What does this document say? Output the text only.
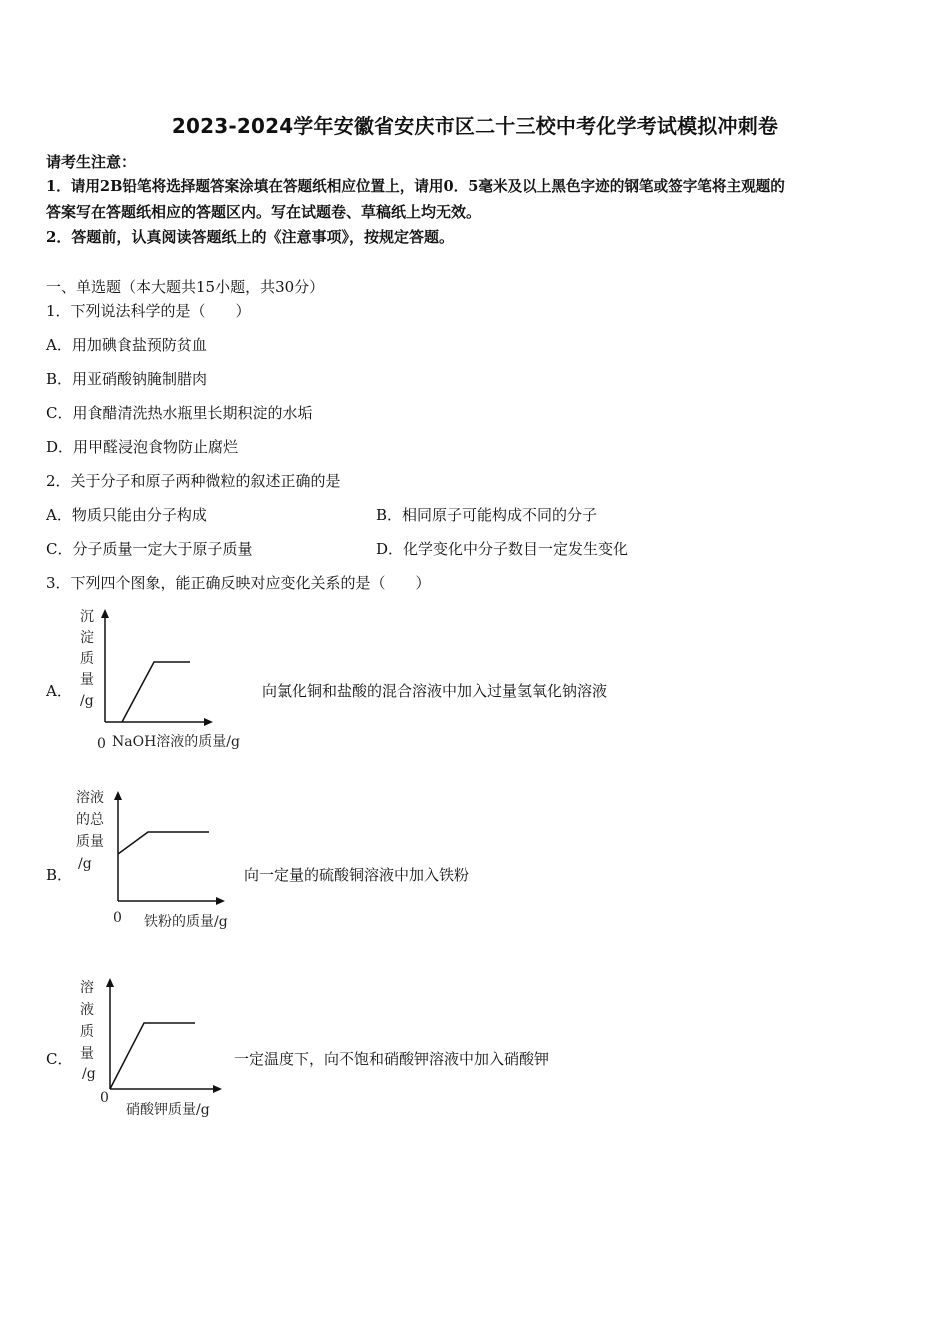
2023-2024学年安徽省安庆市区二十三校中考化学考试模拟冲刺卷
请考生注意：
1．请用2B铅笔将选择题答案涂填在答题纸相应位置上，请用0．5毫米及以上黑色字迹的钢笔或签字笔将主观题的
答案写在答题纸相应的答题区内。写在试题卷、草稿纸上均无效。
2．答题前，认真阅读答题纸上的《注意事项》，按规定答题。
一、单选题（本大题共15小题，共30分）
1．下列说法科学的是（　　）
A．用加碘食盐预防贫血
B．用亚硝酸钠腌制腊肉
C．用食醋清洗热水瓶里长期积淀的水垢
D．用甲醛浸泡食物防止腐烂
2．关于分子和原子两种微粒的叙述正确的是
A．物质只能由分子构成	B．相同原子可能构成不同的分子
C．分子质量一定大于原子质量	D．化学变化中分子数目一定发生变化
3．下列四个图象，能正确反映对应变化关系的是（　　）
A．
沉
淀
质
量
/g
0 NaOH溶液的质量/g
向氯化铜和盐酸的混合溶液中加入过量氢氧化钠溶液
B．
溶液
的总
质量
/g
0 铁粉的质量/g
向一定量的硫酸铜溶液中加入铁粉
C．
溶
液
质
量
/g
0
硝酸钾质量/g
一定温度下，向不饱和硝酸钾溶液中加入硝酸钾
